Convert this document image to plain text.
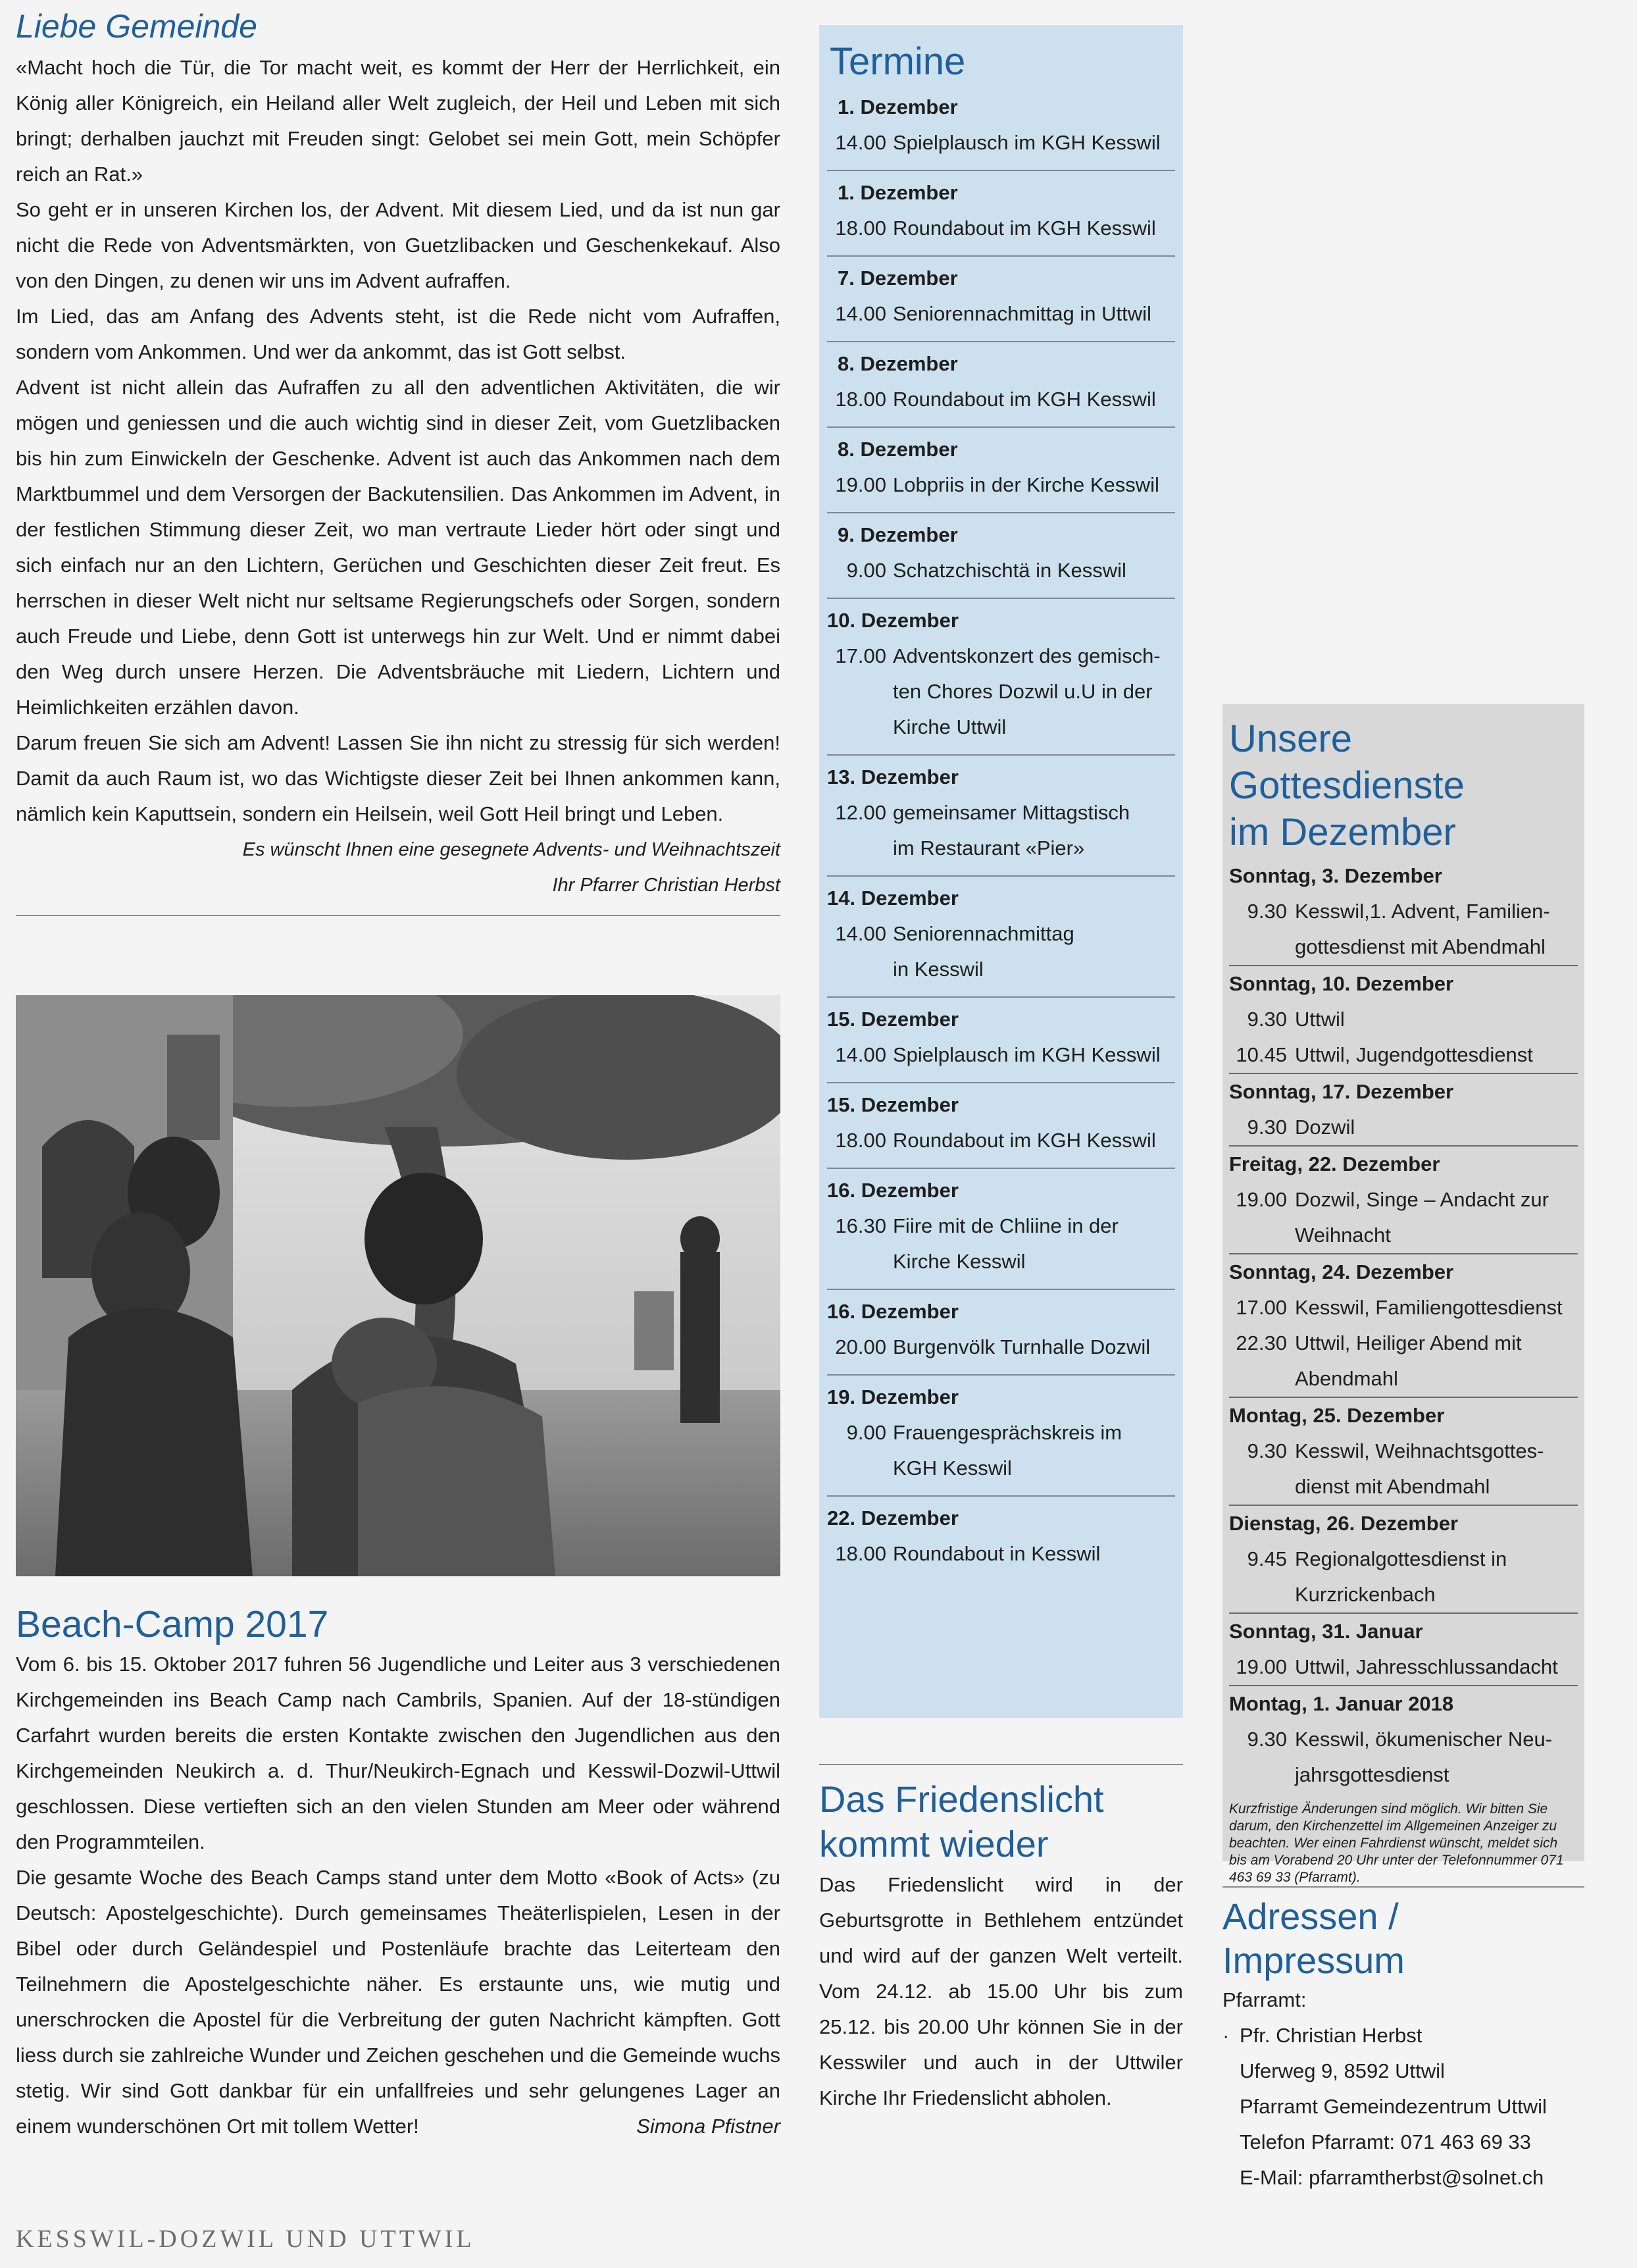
Liebe Gemeinde

«Macht hoch die Tür, die Tor macht weit, es kommt der Herr der Herrlichkeit, ein König aller Königreich, ein Heiland aller Welt zugleich, der Heil und Leben mit sich bringt; derhalben jauchzt mit Freuden singt: Gelobet sei mein Gott, mein Schöpfer reich an Rat.»

So geht er in unseren Kirchen los, der Advent. Mit diesem Lied, und da ist nun gar nicht die Rede von Adventsmärkten, von Guetzlibacken und Geschenkekauf. Also von den Dingen, zu denen wir uns im Advent aufraffen.

Im Lied, das am Anfang des Advents steht, ist die Rede nicht vom Aufraffen, sondern vom Ankommen. Und wer da ankommt, das ist Gott selbst.

Advent ist nicht allein das Aufraffen zu all den adventlichen Aktivitäten, die wir mögen und geniessen und die auch wichtig sind in dieser Zeit, vom Guetzlibacken bis hin zum Einwickeln der Geschenke. Advent ist auch das Ankommen nach dem Marktbummel und dem Versorgen der Backutensilien. Das Ankommen im Advent, in der festlichen Stimmung dieser Zeit, wo man vertraute Lieder hört oder singt und sich einfach nur an den Lichtern, Gerüchen und Geschichten dieser Zeit freut. Es herrschen in dieser Welt nicht nur seltsame Regierungschefs oder Sorgen, sondern auch Freude und Liebe, denn Gott ist unterwegs hin zur Welt. Und er nimmt dabei den Weg durch unsere Herzen. Die Adventsbräuche mit Liedern, Lichtern und Heimlichkeiten erzählen davon.

Darum freuen Sie sich am Advent! Lassen Sie ihn nicht zu stressig für sich werden! Damit da auch Raum ist, wo das Wichtigste dieser Zeit bei Ihnen ankommen kann, nämlich kein Kaputtsein, sondern ein Heilsein, weil Gott Heil bringt und Leben.

Es wünscht Ihnen eine gesegnete Advents- und Weihnachtszeit

Ihr Pfarrer Christian Herbst

Beach-Camp 2017

Vom 6. bis 15. Oktober 2017 fuhren 56 Jugendliche und Leiter aus 3 verschiedenen Kirchgemeinden ins Beach Camp nach Cambrils, Spanien. Auf der 18-stündigen Carfahrt wurden bereits die ersten Kontakte zwischen den Jugendlichen aus den Kirchgemeinden Neukirch a. d. Thur/Neukirch-Egnach und Kesswil-Dozwil-Uttwil geschlossen. Diese vertieften sich an den vielen Stunden am Meer oder während den Programmteilen.

Die gesamte Woche des Beach Camps stand unter dem Motto «Book of Acts» (zu Deutsch: Apostelgeschichte). Durch gemeinsames Theäterlispielen, Lesen in der Bibel oder durch Geländespiel und Postenläufe brachte das Leiterteam den Teilnehmern die Apostelgeschichte näher. Es erstaunte uns, wie mutig und unerschrocken die Apostel für die Verbreitung der guten Nachricht kämpften. Gott liess durch sie zahlreiche Wunder und Zeichen geschehen und die Gemeinde wuchs stetig. Wir sind Gott dankbar für ein unfallfreies und sehr gelungenes Lager an einem wunderschönen Ort mit tollem Wetter!	Simona Pfistner

Termine
1. Dezember
14.00 Spielplausch im KGH Kesswil
1. Dezember
18.00 Roundabout im KGH Kesswil
7. Dezember
14.00 Seniorennachmittag in Uttwil
8. Dezember
18.00 Roundabout im KGH Kesswil
8. Dezember
19.00 Lobpriis in der Kirche Kesswil
9. Dezember
9.00 Schatzchischtä in Kesswil
10. Dezember
17.00 Adventskonzert des gemisch-
ten Chores Dozwil u.U in der
Kirche Uttwil
13. Dezember
12.00 gemeinsamer Mittagstisch
im Restaurant «Pier»
14. Dezember
14.00 Seniorennachmittag
in Kesswil
15. Dezember
14.00 Spielplausch im KGH Kesswil
15. Dezember
18.00 Roundabout im KGH Kesswil
16. Dezember
16.30 Fiire mit de Chliine in der
Kirche Kesswil
16. Dezember
20.00 Burgenvölk Turnhalle Dozwil
19. Dezember
9.00 Frauengesprächskreis im
KGH Kesswil
22. Dezember
18.00 Roundabout in Kesswil
Das Friedenslicht
kommt wieder

Das Friedenslicht wird in der Geburtsgrotte in Bethlehem entzündet und wird auf der ganzen Welt verteilt. Vom 24.12. ab 15.00 Uhr bis zum 25.12. bis 20.00 Uhr können Sie in der Kesswiler und auch in der Uttwiler Kirche Ihr Friedenslicht abholen.

Unsere Gottesdienste
im Dezember
Sonntag, 3. Dezember
9.30 Kesswil,1. Advent, Familien-
gottesdienst mit Abendmahl
Sonntag, 10. Dezember
9.30 Uttwil
10.45 Uttwil, Jugendgottesdienst
Sonntag, 17. Dezember
9.30 Dozwil
Freitag, 22. Dezember
19.00 Dozwil, Singe – Andacht zur
Weihnacht
Sonntag, 24. Dezember
17.00 Kesswil, Familiengottesdienst
22.30 Uttwil, Heiliger Abend mit
Abendmahl
Montag, 25. Dezember
9.30 Kesswil, Weihnachtsgottes-
dienst mit Abendmahl
Dienstag, 26. Dezember
9.45 Regionalgottesdienst in
Kurzrickenbach
Sonntag, 31. Januar
19.00 Uttwil, Jahresschlussandacht
Montag, 1. Januar 2018
9.30 Kesswil, ökumenischer Neu-
jahrsgottesdienst
Kurzfristige Änderungen sind möglich. Wir bitten Sie darum, den Kirchenzettel im Allgemeinen Anzeiger zu beachten. Wer einen Fahrdienst wünscht, meldet sich bis am Vorabend 20 Uhr unter der Telefonnummer 071 463 69 33 (Pfarramt).
Adressen / Impressum
Pfarramt:
· Pfr. Christian Herbst
Uferweg 9, 8592 Uttwil
Pfarramt Gemeindezentrum Uttwil
Telefon Pfarramt: 071 463 69 33
E-Mail: pfarramtherbst@solnet.ch
KESSWIL-DOZWIL UND UTTWIL
